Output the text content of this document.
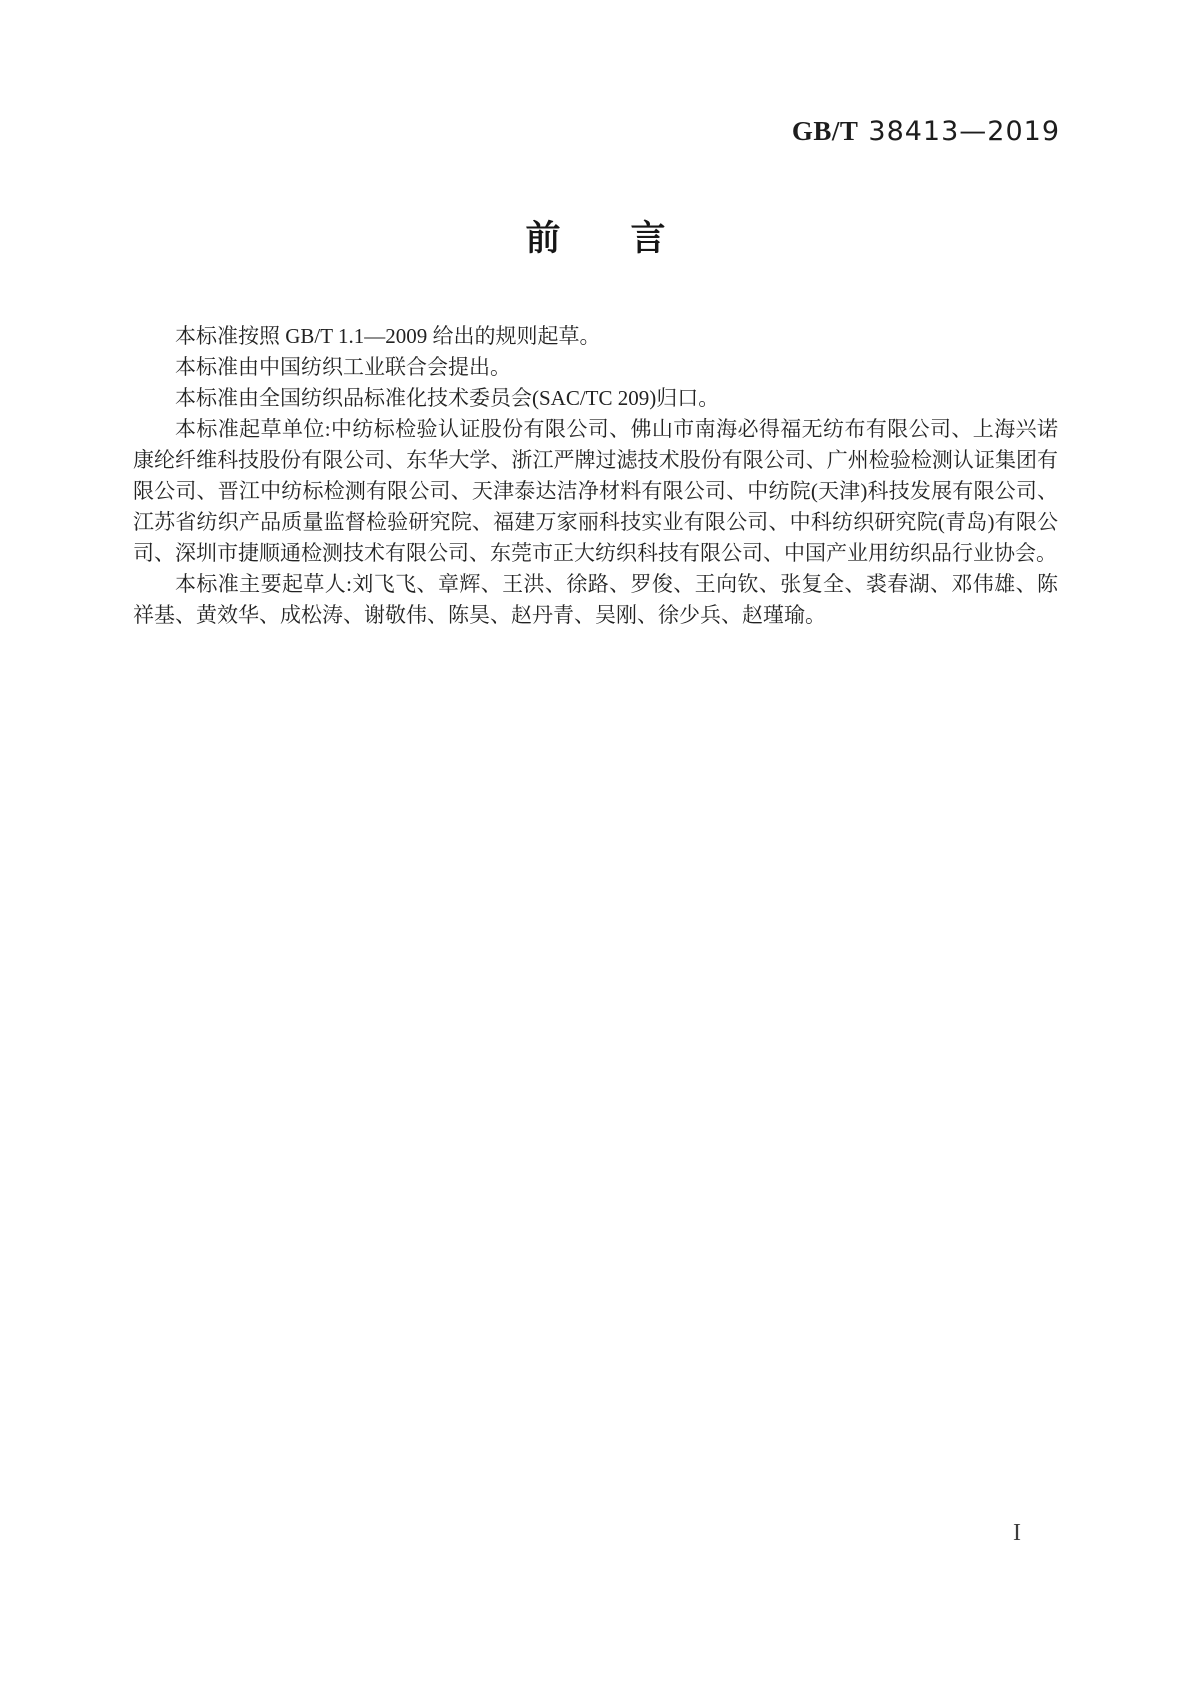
GB/T 38413—2019
前　　言

本标准按照 GB/T 1.1—2009 给出的规则起草。

本标准由中国纺织工业联合会提出。

本标准由全国纺织品标准化技术委员会(SAC/TC 209)归口。

本标准起草单位:中纺标检验认证股份有限公司、佛山市南海必得福无纺布有限公司、上海兴诺康纶纤维科技股份有限公司、东华大学、浙江严牌过滤技术股份有限公司、广州检验检测认证集团有限公司、晋江中纺标检测有限公司、天津泰达洁净材料有限公司、中纺院(天津)科技发展有限公司、江苏省纺织产品质量监督检验研究院、福建万家丽科技实业有限公司、中科纺织研究院(青岛)有限公司、深圳市捷顺通检测技术有限公司、东莞市正大纺织科技有限公司、中国产业用纺织品行业协会。

本标准主要起草人:刘飞飞、章辉、王洪、徐路、罗俊、王向钦、张复全、裘春湖、邓伟雄、陈祥基、黄效华、成松涛、谢敬伟、陈昊、赵丹青、吴刚、徐少兵、赵瑾瑜。

I
